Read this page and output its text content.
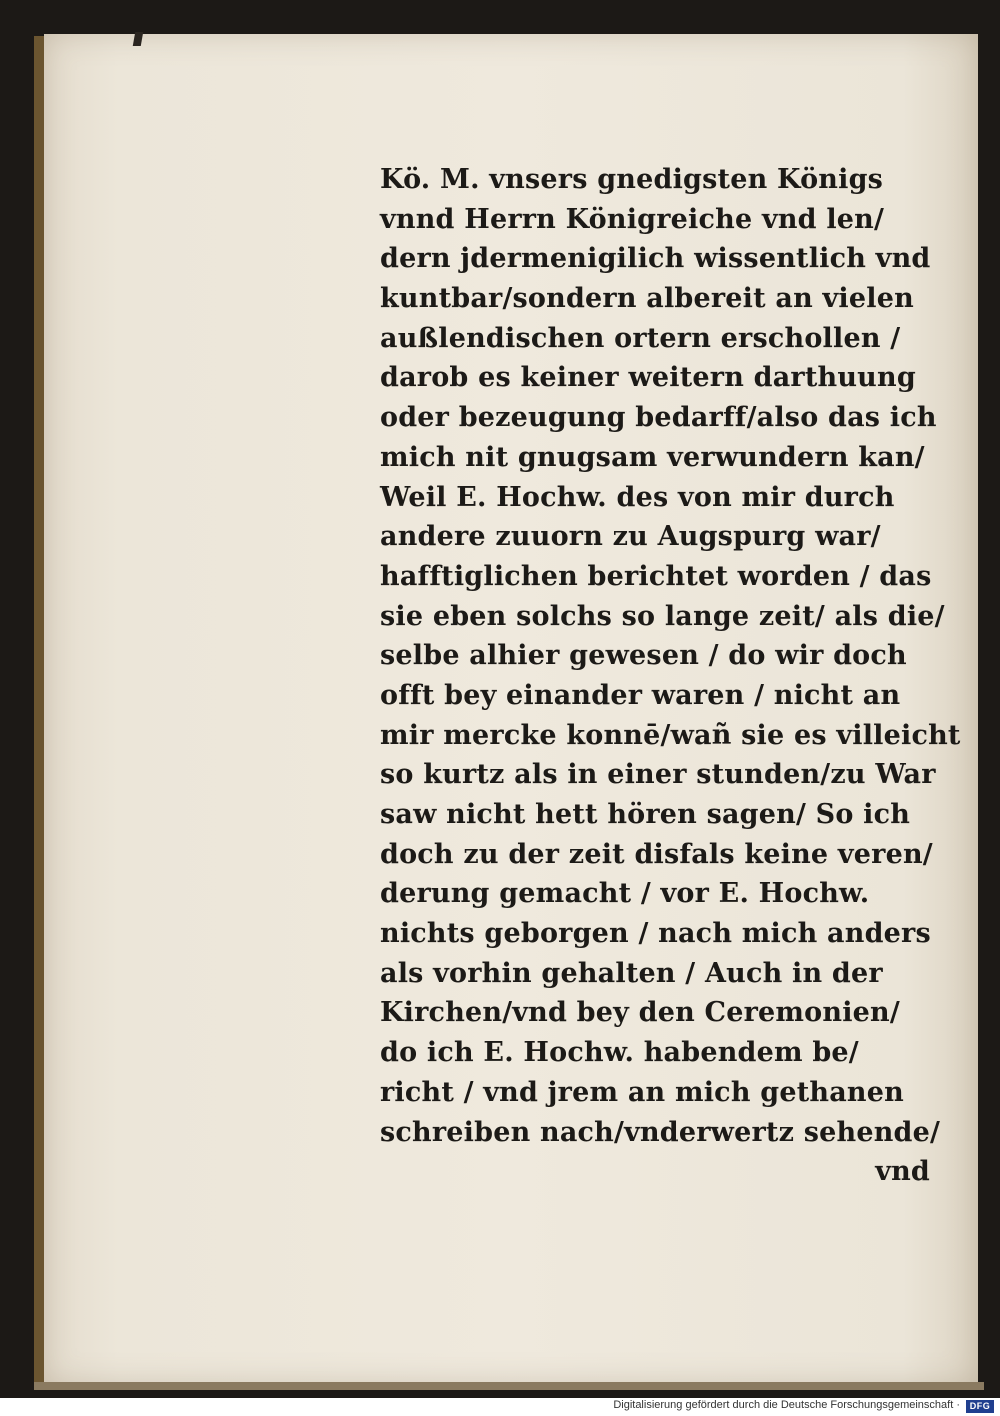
Kö. M. vnsers gnedigsten Königs
vnnd Herrn Königreiche vnd len/
dern jdermenigilich wissentlich vnd
kuntbar/sondern albereit an vielen
außlendischen ortern erschollen /
darob es keiner weitern darthuung
oder bezeugung bedarff/also das ich
mich nit gnugsam verwundern kan/
Weil E. Hochw. des von mir durch
andere zuuorn zu Augspurg war/
hafftiglichen berichtet worden / das
sie eben solchs so lange zeit/ als die/
selbe alhier gewesen / do wir doch
offt bey einander waren / nicht an
mir mercke konnē/wañ sie es villeicht
so kurtz als in einer stunden/zu War
saw nicht hett hören sagen/ So ich
doch zu der zeit disfals keine veren/
derung gemacht / vor E. Hochw.
nichts geborgen / nach mich anders
als vorhin gehalten / Auch in der
Kirchen/vnd bey den Ceremonien/
do ich E. Hochw. habendem be/
richt / vnd jrem an mich gethanen
schreiben nach/vnderwertz sehende/
vnd
Digitalisierung gefördert durch die Deutsche Forschungsgemeinschaft ·	DFG
